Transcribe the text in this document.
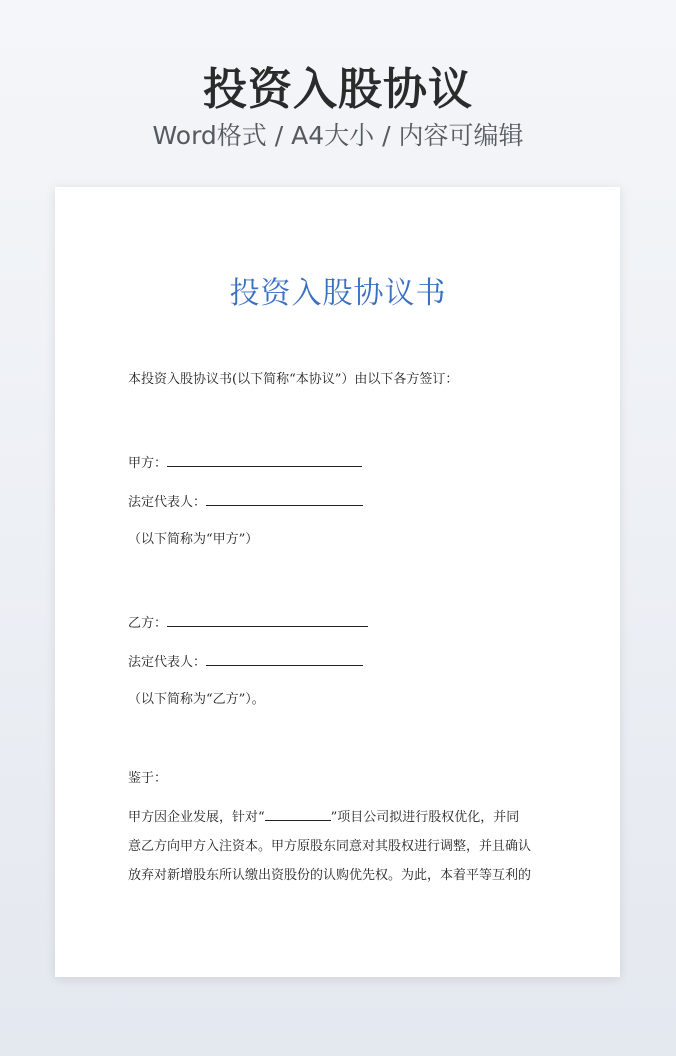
投资入股协议
Word格式 / A4大小 / 内容可编辑
投资入股协议书
本投资入股协议书(以下简称“本协议”）由以下各方签订：
甲方：
法定代表人：
（以下简称为“甲方”）
乙方：
法定代表人：
（以下简称为“乙方”）。
鉴于：

甲方因企业发展，针对“	”项目公司拟进行股权优化，并同

意乙方向甲方入注资本。甲方原股东同意对其股权进行调整，并且确认

放弃对新增股东所认缴出资股份的认购优先权。为此，本着平等互利的
